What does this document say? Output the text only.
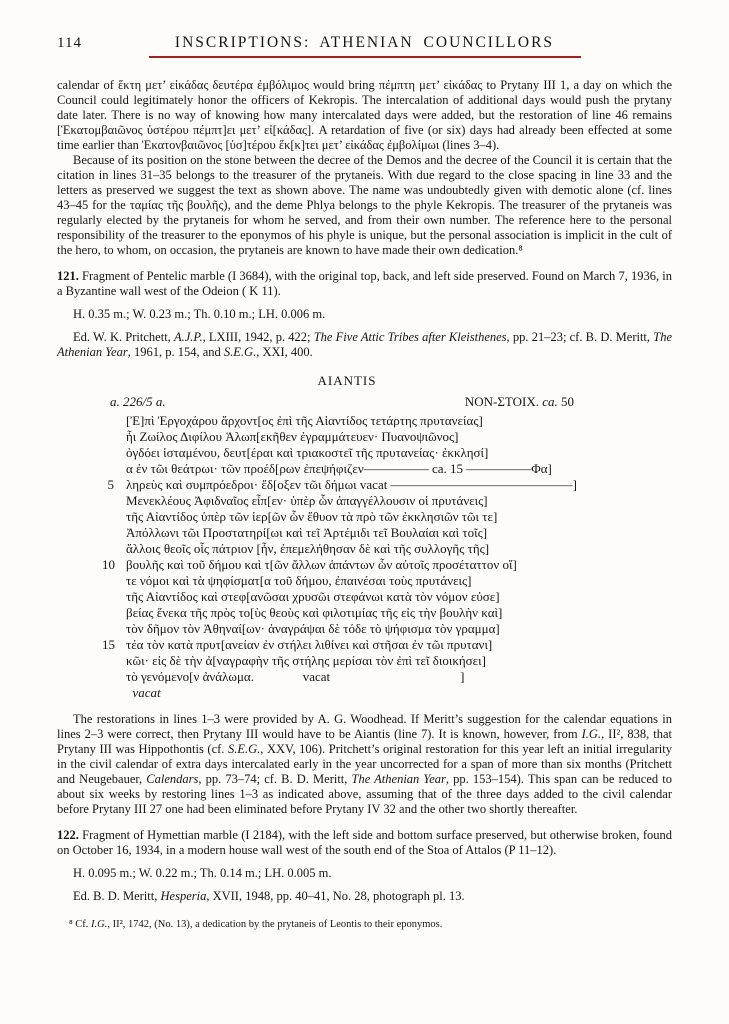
114	INSCRIPTIONS: ATHENIAN COUNCILLORS

calendar of ἕκτη μετ’ εἰκάδας δευτέρα ἐμβόλιμος would bring πέμπτη μετ’ εἰκάδας to Prytany III 1, a day on which the Council could legitimately honor the officers of Kekropis. The intercalation of additional days would push the prytany date later. There is no way of knowing how many intercalated days were added, but the restoration of line 46 remains [Ἑκατομβαιῶνος ὑστέρου πέμπτ]ει μετ’ εἰ[κάδας]. A retardation of five (or six) days had already been effected at some time earlier than Ἑκατονβαιῶνος [ὑσ]τέρου ἕκ[κ]τει μετ’ εἰκάδας ἐμβολίμωι (lines 3–4).

Because of its position on the stone between the decree of the Demos and the decree of the Council it is certain that the citation in lines 31–35 belongs to the treasurer of the prytaneis. With due regard to the close spacing in line 33 and the letters as preserved we suggest the text as shown above. The name was undoubtedly given with demotic alone (cf. lines 43–45 for the ταμίας τῆς βουλῆς), and the deme Phlya belongs to the phyle Kekropis. The treasurer of the prytaneis was regularly elected by the prytaneis for whom he served, and from their own number. The reference here to the personal responsibility of the treasurer to the eponymos of his phyle is unique, but the personal association is implicit in the cult of the hero, to whom, on occasion, the prytaneis are known to have made their own dedication.⁸

121. Fragment of Pentelic marble (I 3684), with the original top, back, and left side preserved. Found on March 7, 1936, in a Byzantine wall west of the Odeion ( K 11).

H. 0.35 m.; W. 0.23 m.; Th. 0.10 m.; LH. 0.006 m.

Ed. W. K. Pritchett, A.J.P., LXIII, 1942, p. 422; The Five Attic Tribes after Kleisthenes, pp. 21–23; cf. B. D. Meritt, The Athenian Year, 1961, p. 154, and S.E.G., XXI, 400.

AIANTIS
a. 226/5 a.	ΝΟΝ-ΣΤΟΙΧ. ca. 50
[Ἐ]πὶ Ἐργοχάρου ἄρχοντ[ος ἐπὶ τῆς Αἰαντίδος τετάρτης πρυτανείας]
ἧι Ζωίλος Διφίλου Ἁλωπ[εκῆθεν ἐγραμμάτευεν· Πυανοψιῶνος]
ὀγδόει ἱσταμένου, δευτ[έραι καὶ τριακοστεῖ τῆς πρυτανείας· ἐκκλησί]
α ἐν τῶι θεάτρωι· τῶν προέδ[ρων ἐπεψήφιζεν————— ca. 15 —————Φα]
5 ληρεὺς καὶ συμπρόεδροι· ἔδ[οξεν τῶι δήμωι vacat ——————————————]
Μενεκλέους Ἀφιδναῖος εἶπ[εν· ὑπὲρ ὧν ἀπαγγέλλουσιν οἱ πρυτάνεις]
τῆς Αἰαντίδος ὑπὲρ τῶν ἱερ[ῶν ὧν ἔθυον τὰ πρὸ τῶν ἐκκλησιῶν τῶι τε]
Ἀπόλλωνι τῶι Προστατηρί[ωι καὶ τεῖ Ἀρτέμιδι τεῖ Βουλαίαι καὶ τοῖς]
ἄλλοις θεοῖς οἷς πάτριον [ἦν, ἐπεμελήθησαν δὲ καὶ τῆς συλλογῆς τῆς]
10 βουλῆς καὶ τοῦ δήμου καὶ τ[ῶν ἄλλων ἁπάντων ὧν αὐτοῖς προσέταττον οἵ]
τε νόμοι καὶ τὰ ψηφίσματ[α τοῦ δήμου, ἐπαινέσαι τοὺς πρυτάνεις]
τῆς Αἰαντίδος καὶ στεφ[ανῶσαι χρυσῶι στεφάνωι κατὰ τὸν νόμον εὐσε]
βείας ἕνεκα τῆς πρὸς το[ὺς θεοὺς καὶ φιλοτιμίας τῆς εἰς τὴν βουλὴν καὶ]
τὸν δῆμον τὸν Ἀθηναί[ων· ἀναγράψαι δὲ τόδε τὸ ψήφισμα τὸν γραμμα]
15 τέα τὸν κατὰ πρυτ[ανείαν ἐν στήλει λιθίνει καὶ στῆσαι ἐν τῶι πρυτανι]
κῶι· εἰς δὲ τὴν ἀ[ναγραφὴν τῆς στήλης μερίσαι τὸν ἐπὶ τεῖ διοικήσει]
τὸ γενόμενο[ν ἀνάλωμα.               vacat                                        ]
vacat

The restorations in lines 1–3 were provided by A. G. Woodhead. If Meritt’s suggestion for the calendar equations in lines 2–3 were correct, then Prytany III would have to be Aiantis (line 7). It is known, however, from I.G., II², 838, that Prytany III was Hippothontis (cf. S.E.G., XXV, 106). Pritchett’s original restoration for this year left an initial irregularity in the civil calendar of extra days intercalated early in the year uncorrected for a span of more than six months (Pritchett and Neugebauer, Calendars, pp. 73–74; cf. B. D. Meritt, The Athenian Year, pp. 153–154). This span can be reduced to about six weeks by restoring lines 1–3 as indicated above, assuming that of the three days added to the civil calendar before Prytany III 27 one had been eliminated before Prytany IV 32 and the other two shortly thereafter.

122. Fragment of Hymettian marble (I 2184), with the left side and bottom surface preserved, but otherwise broken, found on October 16, 1934, in a modern house wall west of the south end of the Stoa of Attalos (P 11–12).

H. 0.095 m.; W. 0.22 m.; Th. 0.14 m.; LH. 0.005 m.

Ed. B. D. Meritt, Hesperia, XVII, 1948, pp. 40–41, No. 28, photograph pl. 13.

⁸ Cf. I.G., II², 1742, (No. 13), a dedication by the prytaneis of Leontis to their eponymos.
